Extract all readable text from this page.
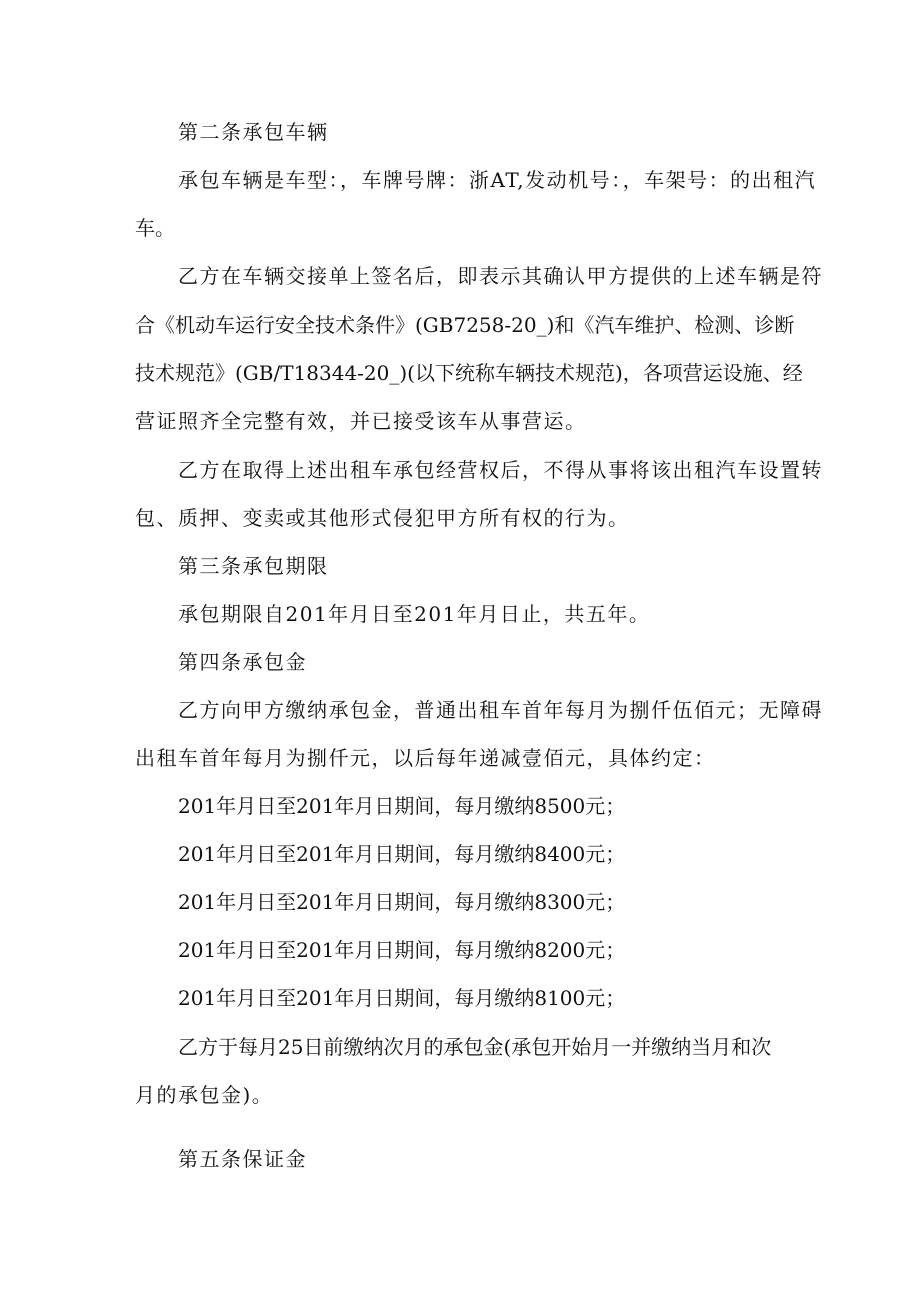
第二条承包车辆

承包车辆是车型：，车牌号牌：浙AT,发动机号：，车架号：的出租汽

车。

乙方在车辆交接单上签名后，即表示其确认甲方提供的上述车辆是符

合《机动车运行安全技术条件》(GB7258-20_)和《汽车维护、检测、诊断

技术规范》(GB/T18344-20_)(以下统称车辆技术规范)，各项营运设施、经

营证照齐全完整有效，并已接受该车从事营运。

乙方在取得上述出租车承包经营权后，不得从事将该出租汽车设置转

包、质押、变卖或其他形式侵犯甲方所有权的行为。

第三条承包期限

承包期限自201年月日至201年月日止，共五年。

第四条承包金

乙方向甲方缴纳承包金，普通出租车首年每月为捌仟伍佰元；无障碍

出租车首年每月为捌仟元，以后每年递减壹佰元，具体约定：

201年月日至201年月日期间，每月缴纳8500元；

201年月日至201年月日期间，每月缴纳8400元；

201年月日至201年月日期间，每月缴纳8300元；

201年月日至201年月日期间，每月缴纳8200元；

201年月日至201年月日期间，每月缴纳8100元；

乙方于每月25日前缴纳次月的承包金(承包开始月一并缴纳当月和次

月的承包金)。

第五条保证金
